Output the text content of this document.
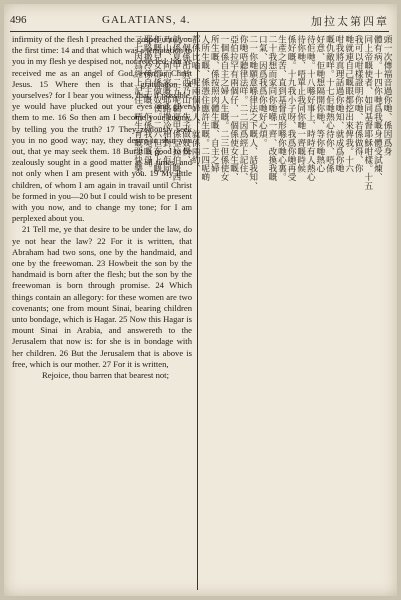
496	GALATIANS, 4.	加拉太第四章

infirmity of the flesh I preached the gospel unto you the first time: 14 and that which was a temptation to you in my flesh ye despised not, nor rejected; but ye received me as an angel of God, even as Christ Jesus. 15 Where then is that gratulation of yourselves? for I bear you witness, that, if possible, ye would have plucked out your eyes and given them to me. 16 So then am I become your enemy, by telling you the truth? 17 They zealously seek you in no good way; nay, they desire to shut you out, that ye may seek them. 18 But it is good to be zealously sought in a good matter at all times, and not only when I am present with you. 19 My little children, of whom I am again in travail until Christ be formed in you—20 but I could wish to be present with you now, and to change my tone; for I am perplexed about you.

21 Tell me, ye that desire to be under the law, do ye not hear the law? 22 For it is written, that Abraham had two sons, one by the handmaid, and one by the freewoman. 23 Howbeit the son by the handmaid is born after the flesh; but the son by the freewoman is born through promise. 24 Which things contain an allegory: for these women are two covenants; one from mount Sinai, bearing children unto bondage, which is Hagar. 25 Now this Hagar is mount Sinai in Arabia, and answereth to the Jerusalem that now is: for she is in bondage with her children. 26 But the Jerusalem that is above is free, which is our mother. 27 For it is written,

Rejoice, thou barren that bearest not;

頭一次傳福音過你哋、係因爲身
體有病。十四你哋爲我嘅身體受試煉、
同上帝嘅使者、如同基督耶穌咁樣。十五
我可以咁樣證明你哋、若係做得、你
哋就連自己嘅眼都挖出來俾我。十六
咁我將真理話過你哋知、就成爲你哋
嘅仇敵咩。十七佢哋熱心待你、唔係
好意、佢哋想隔開你哋、等你哋熱心
待佢哋。十八喺好事上、時時有人熱心
待你哋、唔單止我同你哋一齊嘅時候
係好嘅。十九我小子呀、我爲你哋再受
生產之苦、直到基督成形喺你哋心裏。
二十我想而家同你哋喺一齊、改換我嘅
口氣、因爲我爲你哋好心煩。
二一你哋願意喺律法之下嘅人、話我知、
你哋唔聽律法咩。二二因爲經上記住、
亞伯拉罕有兩個仔、一個係使女生嘅、
一個係自主之婦人生嘅。二三但係使女
所生嘅、係按照肉體生嘅、自主之婦
人所生嘅、係憑住應許生嘅。二四呢啲
都係比喻、呢兩個婦人、就係兩約、
一個係出於西乃山、生子做奴僕、
就係夏甲。二五呢個夏甲係亞拉伯嘅西
乃山、同而家嘅耶路撒冷相對、佢同
佢嘅兒女都係做奴僕。二六但在上嘅
耶路撒冷係自主嘅、佢係我哋嘅母。
二七因爲經上記住、唔生育嘅要快樂、
